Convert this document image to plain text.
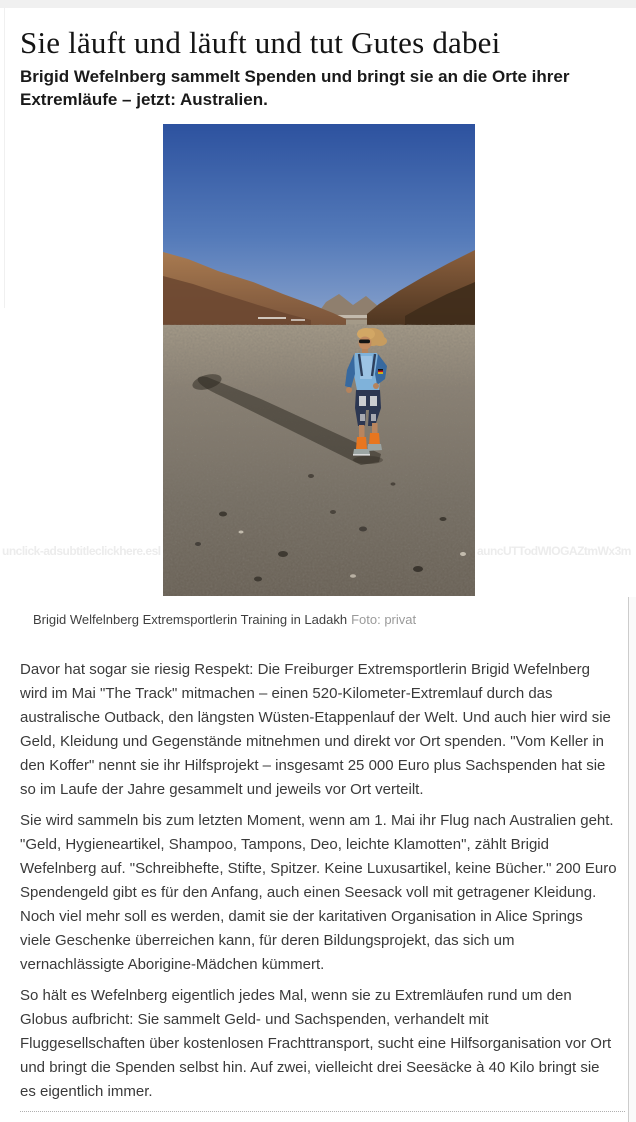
Sie läuft und läuft und tut Gutes dabei

Brigid Wefelnberg sammelt Spenden und bringt sie an die Orte ihrer Extremläufe – jetzt: Australien.

Brigid Welfelnberg Extremsportlerin Training in Ladakh Foto: privat

Davor hat sogar sie riesig Respekt: Die Freiburger Extremsportlerin Brigid Wefelnberg wird im Mai "The Track" mitmachen – einen 520-Kilometer-Extremlauf durch das australische Outback, den längsten Wüsten-Etappenlauf der Welt. Und auch hier wird sie Geld, Kleidung und Gegenstände mitnehmen und direkt vor Ort spenden. "Vom Keller in den Koffer" nennt sie ihr Hilfsprojekt – insgesamt 25 000 Euro plus Sachspenden hat sie so im Laufe der Jahre gesammelt und jeweils vor Ort verteilt.

Sie wird sammeln bis zum letzten Moment, wenn am 1. Mai ihr Flug nach Australien geht. "Geld, Hygieneartikel, Shampoo, Tampons, Deo, leichte Klamotten", zählt Brigid Wefelnberg auf. "Schreibhefte, Stifte, Spitzer. Keine Luxusartikel, keine Bücher." 200 Euro Spendengeld gibt es für den Anfang, auch einen Seesack voll mit getragener Kleidung. Noch viel mehr soll es werden, damit sie der karitativen Organisation in Alice Springs viele Geschenke überreichen kann, für deren Bildungsprojekt, das sich um vernachlässigte Aborigine-Mädchen kümmert.

So hält es Wefelnberg eigentlich jedes Mal, wenn sie zu Extremläufen rund um den Globus aufbricht: Sie sammelt Geld- und Sachspenden, verhandelt mit Fluggesellschaften über kostenlosen Frachttransport, sucht eine Hilfsorganisation vor Ort und bringt die Spenden selbst hin. Auf zwei, vielleicht drei Seesäcke à 40 Kilo bringt sie es eigentlich immer.

unclick-adsubtitleclickhere.esl	auncUTTodWIOGAZtmWx3m
